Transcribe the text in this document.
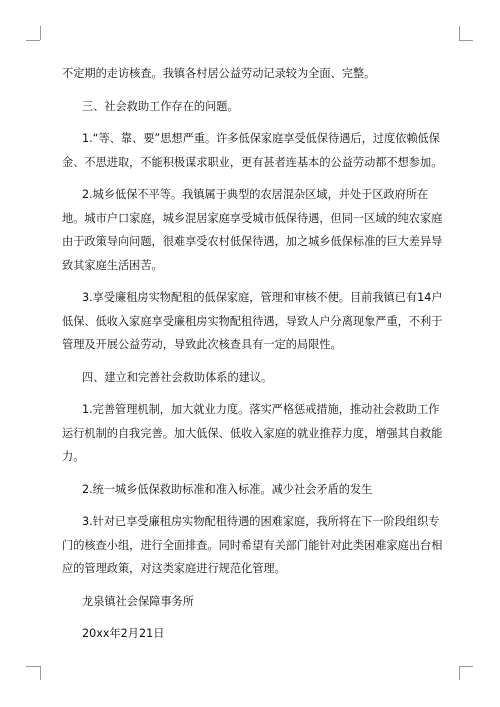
不定期的走访核查。我镇各村居公益劳动记录较为全面、完整。

三、社会救助工作存在的问题。

1.“等、靠、要”思想严重。许多低保家庭享受低保待遇后，过度依赖低保金、不思进取，不能积极谋求职业，更有甚者连基本的公益劳动都不想参加。

2.城乡低保不平等。我镇属于典型的农居混杂区域，并处于区政府所在地。城市户口家庭，城乡混居家庭享受城市低保待遇，但同一区域的纯农家庭由于政策导向问题，很难享受农村低保待遇，加之城乡低保标准的巨大差异导致其家庭生活困苦。

3.享受廉租房实物配租的低保家庭，管理和审核不便。目前我镇已有14户低保、低收入家庭享受廉租房实物配租待遇，导致人户分离现象严重，不利于管理及开展公益劳动，导致此次核查具有一定的局限性。

四、建立和完善社会救助体系的建议。

1.完善管理机制，加大就业力度。落实严格惩戒措施，推动社会救助工作运行机制的自我完善。加大低保、低收入家庭的就业推荐力度，增强其自救能力。

2.统一城乡低保救助标准和准入标准。减少社会矛盾的发生

3.针对已享受廉租房实物配租待遇的困难家庭，我所将在下一阶段组织专门的核查小组，进行全面排查。同时希望有关部门能针对此类困难家庭出台相应的管理政策，对这类家庭进行规范化管理。

龙泉镇社会保障事务所

20xx年2月21日
